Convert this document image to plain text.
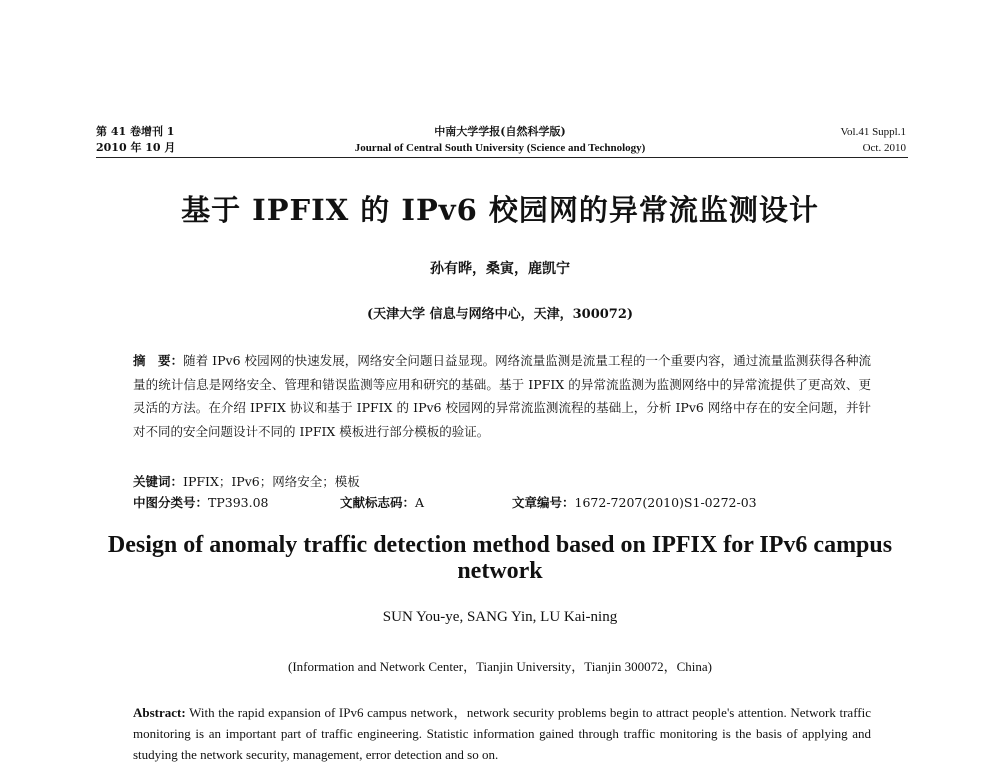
第 41 卷增刊 1
2010 年 10 月
中南大学学报(自然科学版)
Journal of Central South University (Science and Technology)
Vol.41 Suppl.1
Oct. 2010
基于 IPFIX 的 IPv6 校园网的异常流监测设计
孙有晔，桑寅，鹿凯宁
(天津大学 信息与网络中心，天津，300072)
摘　要：随着 IPv6 校园网的快速发展，网络安全问题日益显现。网络流量监测是流量工程的一个重要内容，通过流量监测获得各种流量的统计信息是网络安全、管理和错误监测等应用和研究的基础。基于 IPFIX 的异常流监测为监测网络中的异常流提供了更高效、更灵活的方法。在介绍 IPFIX 协议和基于 IPFIX 的 IPv6 校园网的异常流监测流程的基础上，分析 IPv6 网络中存在的安全问题，并针对不同的安全问题设计不同的 IPFIX 模板进行部分模板的验证。
关键词：IPFIX；IPv6；网络安全；模板
中图分类号：TP393.08	文献标志码：A	文章编号：1672-7207(2010)S1-0272-03
Design of anomaly traffic detection method based on IPFIX for IPv6 campus network
SUN You-ye, SANG Yin, LU Kai-ning
(Information and Network Center，Tianjin University，Tianjin 300072，China)
Abstract: With the rapid expansion of IPv6 campus network，network security problems begin to attract people's attention. Network traffic monitoring is an important part of traffic engineering. Statistic information gained through traffic monitoring is the basis of applying and studying the network security, management, error detection and so on.
